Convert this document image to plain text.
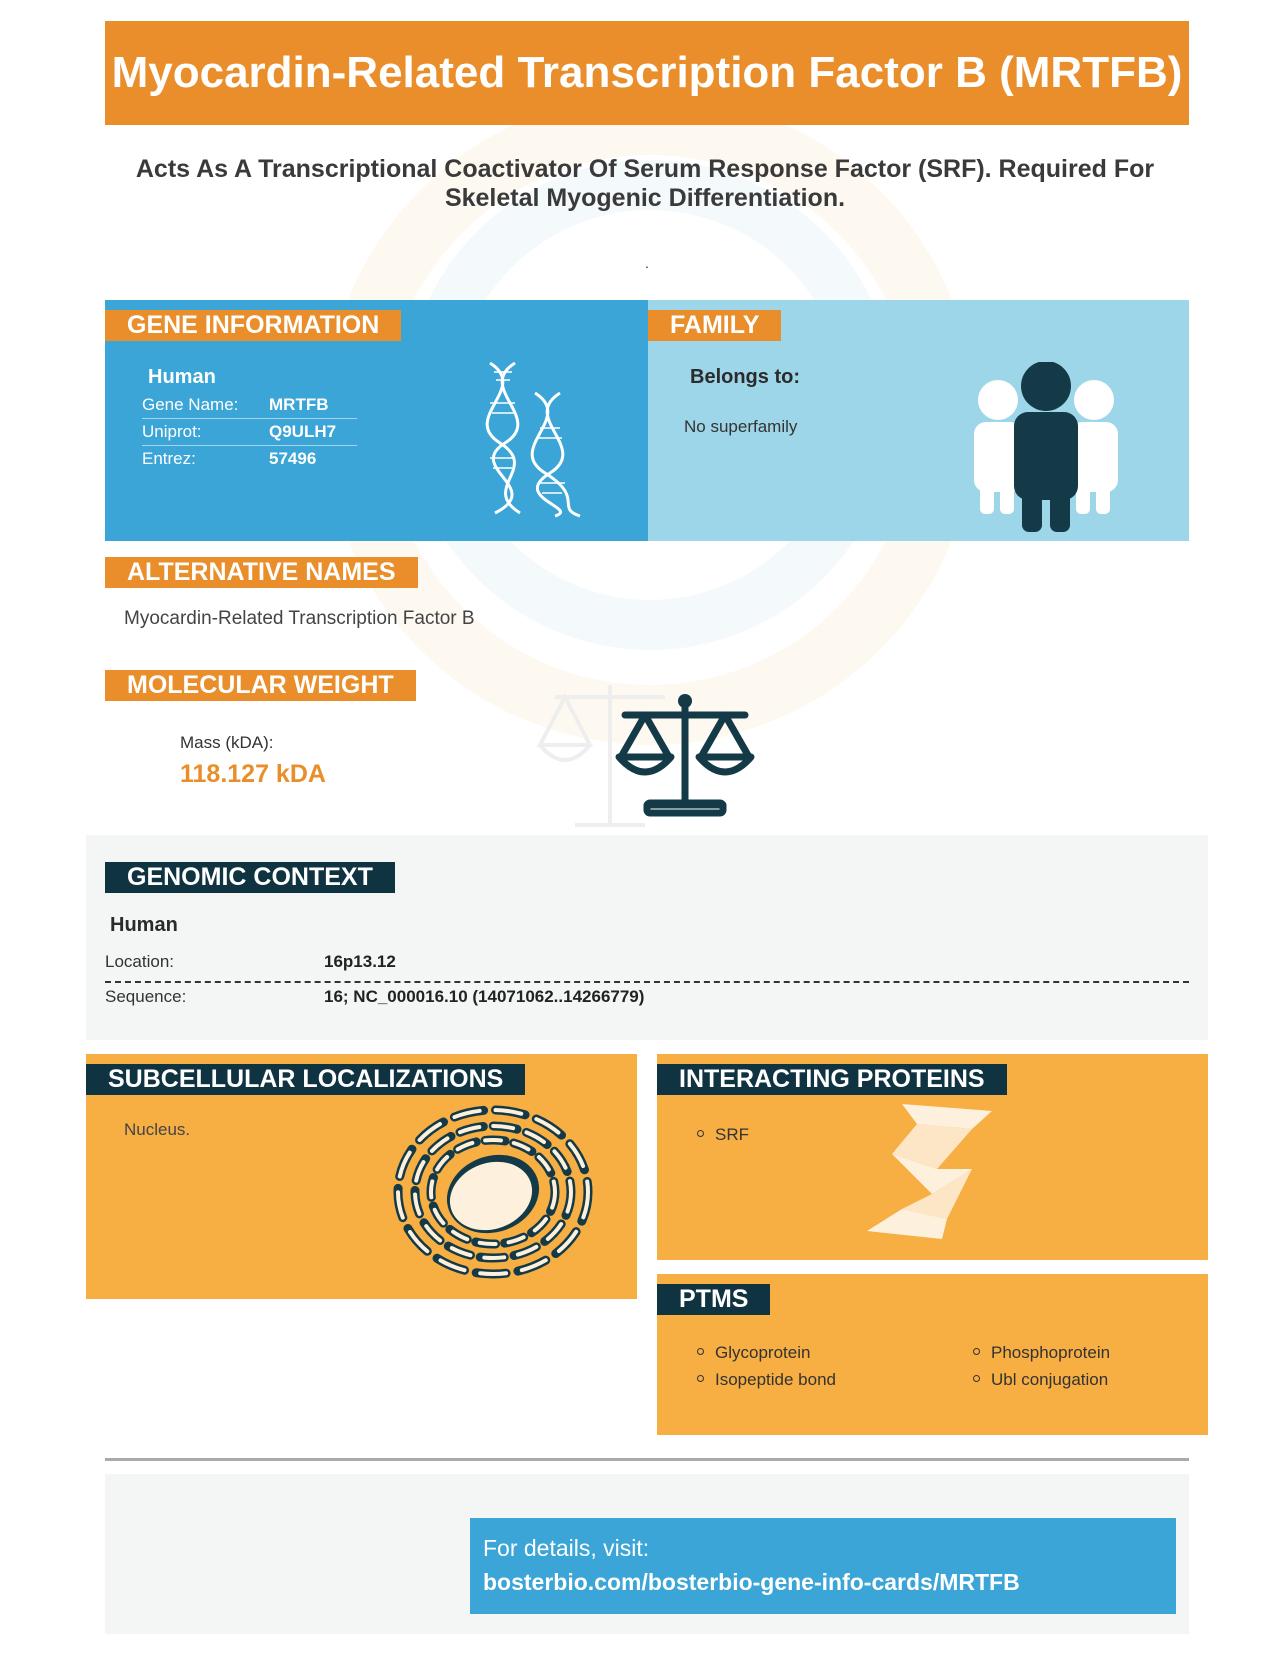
Myocardin-Related Transcription Factor B (MRTFB)
Acts As A Transcriptional Coactivator Of Serum Response Factor (SRF). Required For Skeletal Myogenic Differentiation.
.
GENE INFORMATION
Human
Gene Name: MRTFB
Uniprot:	Q9ULH7
Entrez:	57496
FAMILY
Belongs to:
No superfamily
ALTERNATIVE NAMES
Myocardin-Related Transcription Factor B
MOLECULAR WEIGHT
Mass (kDA):
118.127 kDA
GENOMIC CONTEXT
Human
Location:	16p13.12
Sequence:	16; NC_000016.10 (14071062..14266779)
SUBCELLULAR LOCALIZATIONS
Nucleus.
INTERACTING PROTEINS
SRF
PTMS
Glycoprotein
Isopeptide bond
Phosphoprotein
Ubl conjugation
For details, visit:
bosterbio.com/bosterbio-gene-info-cards/MRTFB
